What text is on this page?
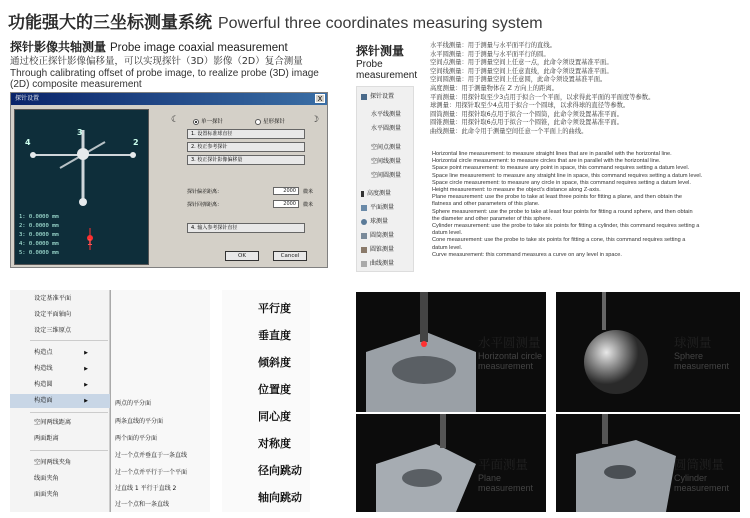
功能强大的三坐标测量系统 Powerful three coordinates measuring system
探针影像共轴测量 Probe image coaxial measurement
通过校正探针影像偏移量，可以实现探针（3D）影像（2D）复合测量
Through calibrating offset of probe image, to realize probe (3D) image
(2D) composite measurement
探针设置	X
4	2
3
1
1: 0.0000 mm
2: 0.0000 mm
3: 0.0000 mm
4: 0.0000 mm
5: 0.0000 mm
☾	单一探针	星形探针	☽
1. 设置标准球直径
2. 校正参考探针
3. 校正探针影像偏移量
探针偏差距离：	2000	微米
探针回弹距离：	2000	微米
4. 输入参考探针直径
OK	Cancel
探针测量
Probe
measurement
探针设置
水平线测量
水平圆测量
空间点测量
空间线测量
空间圆测量
高度测量
平面测量
球测量
圆筒测量
圆锥测量
曲线测量
水平线测量：用于测量与水平面平行的直线。
水平圆测量：用于测量与水平面平行的圆。
空间点测量：用于测量空间上任意一点，此命令须设置基准平面。
空间线测量：用于测量空间上任意直线，此命令须设置基准平面。
空间圆测量：用于测量空间上任意圆，此命令须设置基准平面。
高度测量：用于测量物体在 Z 方向上的距离。
平面测量：用探针取至少3点用于拟合一个平面，以求得此平面的平面度等参数。
球测量：用探针取至少4点用于拟合一个圆球，以求得球的直径等参数。
圆筒测量：用探针取6点用于拟合一个圆筒，此命令须设置基准平面。
圆锥测量：用探针取6点用于拟合一个圆锥，此命令须设置基准平面。
曲线测量：此命令用于测量空间任意一个平面上的曲线。
Horizontal line measurement: to measure straight lines that are in parallel with the horizontal line.
Horizontal circle measurement: to measure circles that are in parallel with the horizontal line.
Space point measurement: to measure any point in space, this command requires setting a datum level.
Space line measurement: to measure any straight line in space, this command requires setting a datum level.
Space circle measurement: to measure any circle in space, this command requires setting a datum level.
Height measurement: to measure the object's distance along Z-axis.
Plane measurement: use the probe to take at least three points for fitting a plane, and then obtain the
flatness and other parameters of this plane.
Sphere measurement: use the probe to take at least four points for fitting a round sphere, and then obtain
the diameter and other parameter of this sphere.
Cylinder measurement: use the probe to take six points for fitting a cylinder, this command requires setting a
datum level.
Cone measurement: use the probe to take six points for fitting a cone, this command requires setting a
datum level.
Curve measurement: this command measures a curve on any level in space.
设定基准平面
设定平面轴向
设定三维原点
构造点	▶
构造线	▶
构造圆	▶
构造面	▶
空间两线距离
两面距离
空间两线夹角
线面夹角
面面夹角
两点的平分面
两条直线的平分面
两个面的平分面
过一个点并垂直于一条直线
过一个点并平行于一个平面
过直线 1 平行于直线 2
过一个点和一条直线
平行度
垂直度
倾斜度
位置度
同心度
对称度
径向跳动
轴向跳动
水平圆测量
Horizontal circle
measurement
球测量
Sphere
measurement
平面测量
Plane
measurement
圆筒测量
Cylinder
measurement
